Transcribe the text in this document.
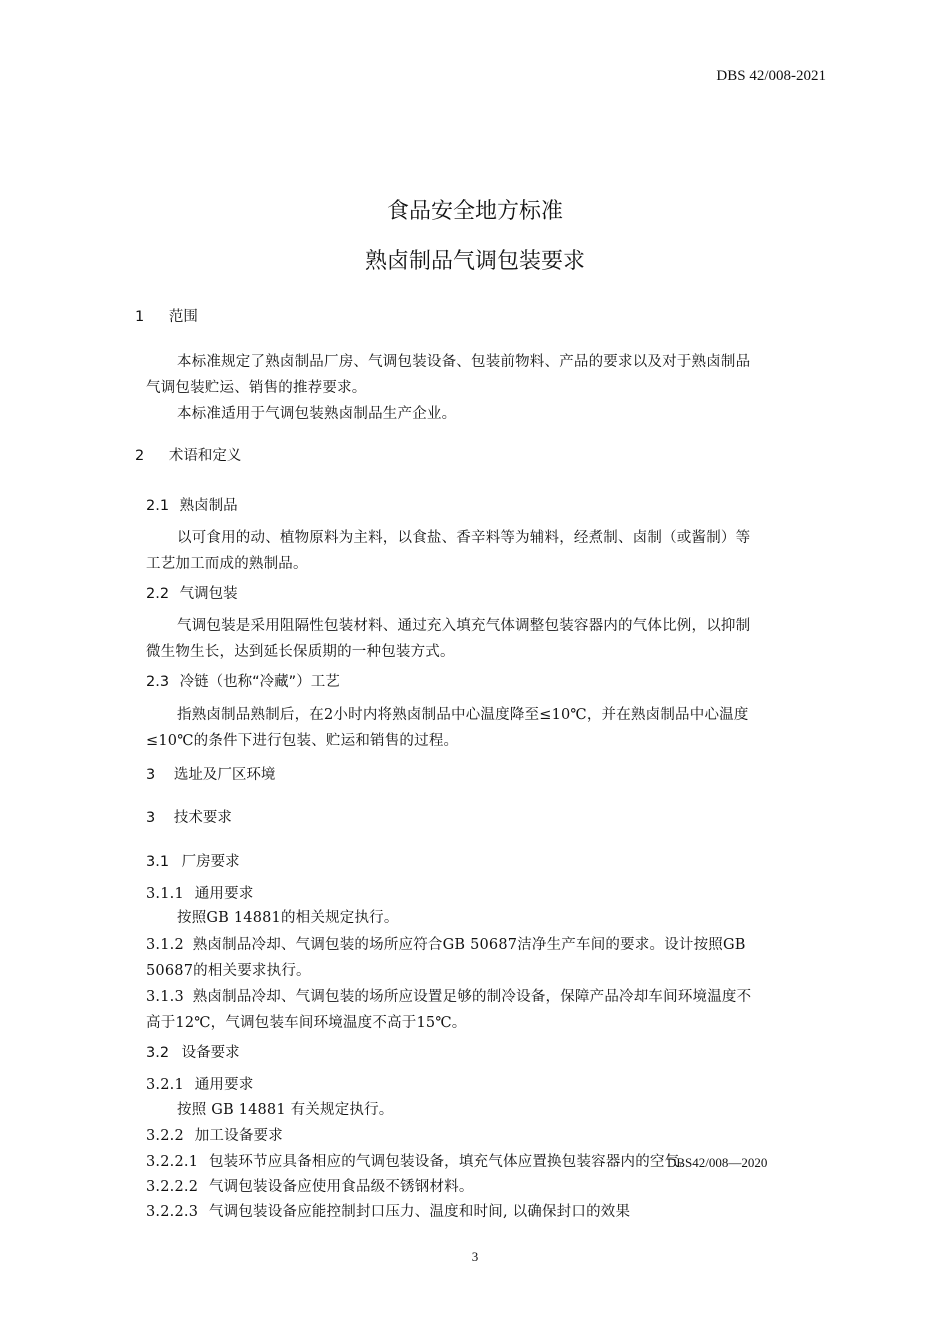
DBS 42/008-2021
食品安全地方标准
熟卤制品气调包装要求
1 范围
本标准规定了熟卤制品厂房、气调包装设备、包装前物料、产品的要求以及对于熟卤制品
气调包装贮运、销售的推荐要求。
本标准适用于气调包装熟卤制品生产企业。
2 术语和定义
2.1 熟卤制品
以可食用的动、植物原料为主料，以食盐、香辛料等为辅料，经煮制、卤制（或酱制）等
工艺加工而成的熟制品。
2.2 气调包装
气调包装是采用阻隔性包装材料、通过充入填充气体调整包装容器内的气体比例，以抑制
微生物生长，达到延长保质期的一种包装方式。
2.3 冷链（也称“冷藏”）工艺
指熟卤制品熟制后，在2小时内将熟卤制品中心温度降至≤10℃，并在熟卤制品中心温度
≤10℃的条件下进行包装、贮运和销售的过程。
3 选址及厂区环境
3 技术要求
3.1 厂房要求
3.1.1 通用要求
按照GB 14881的相关规定执行。
3.1.2 熟卤制品冷却、气调包装的场所应符合GB 50687洁净生产车间的要求。设计按照GB
50687的相关要求执行。
3.1.3 熟卤制品冷却、气调包装的场所应设置足够的制冷设备，保障产品冷却车间环境温度不
高于12℃，气调包装车间环境温度不高于15℃。
3.2 设备要求
3.2.1 通用要求
按照 GB 14881 有关规定执行。
3.2.2 加工设备要求
3.2.2.1 包装环节应具备相应的气调包装设备，填充气体应置换包装容器内的空气。
DBS42/008—2020
3.2.2.2 气调包装设备应使用食品级不锈钢材料。
3.2.2.3 气调包装设备应能控制封口压力、温度和时间, 以确保封口的效果
3
